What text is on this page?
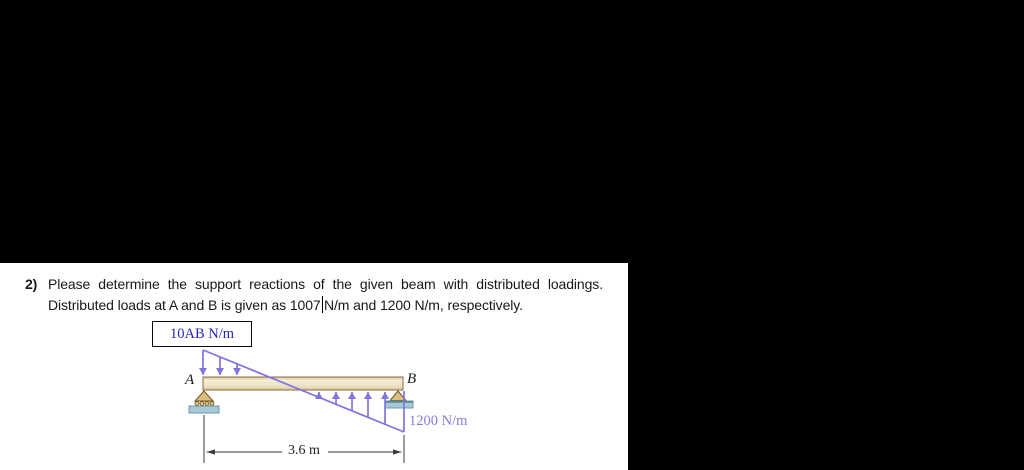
2) Please determine the support reactions of the given beam with distributed loadings.
Distributed loads at A and B is given as 1007 N/m and 1200 N/m, respectively.
10AB N/m
A	B
1200 N/m
3.6 m
